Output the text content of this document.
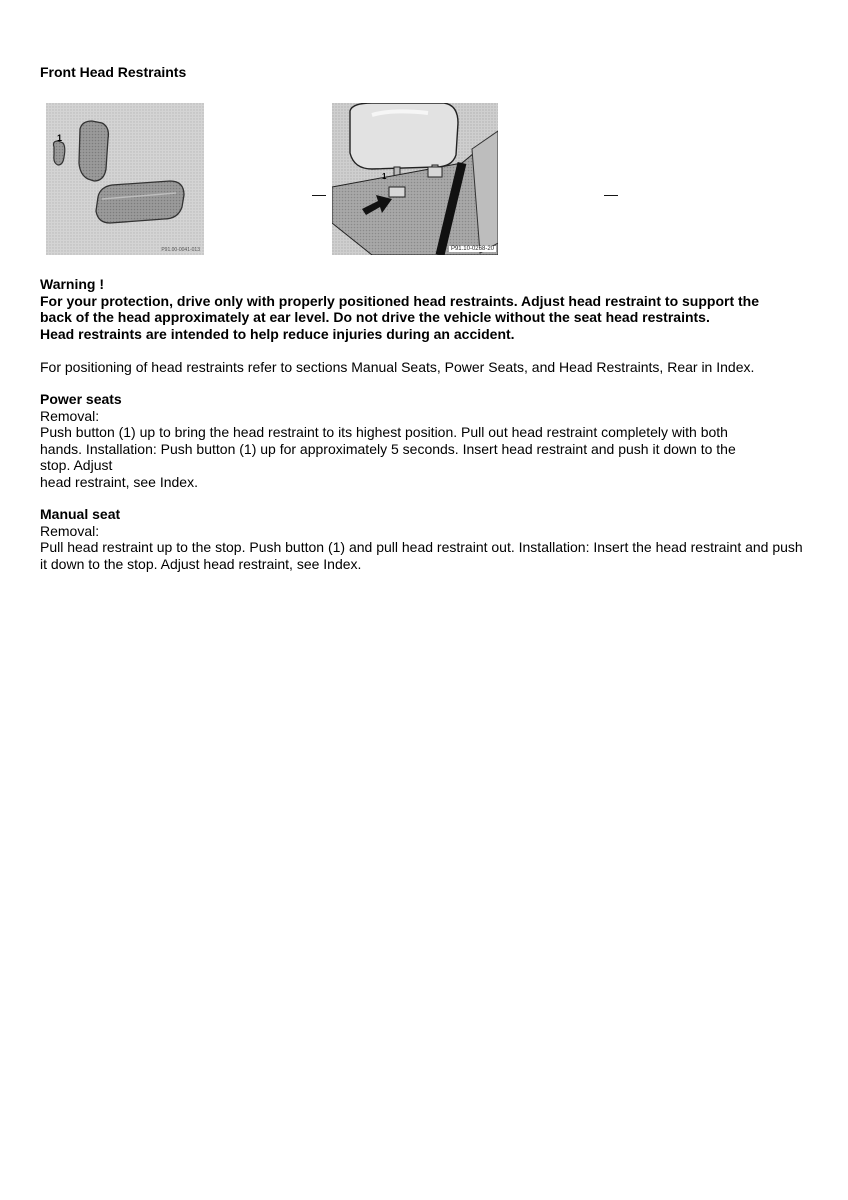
Front Head Restraints
1
P91.00-0041-013
—
1
P91.10-0268-20
—
Warning !
For your protection, drive only with properly positioned head restraints. Adjust head restraint to support the
back of the head approximately at ear level. Do not drive the vehicle without the seat head restraints.
Head restraints are intended to help reduce injuries during an accident.
For positioning of head restraints refer to sections Manual Seats, Power Seats, and Head Restraints, Rear in Index.
Power seats
Removal:
Push button (1) up to bring the head restraint to its highest position. Pull out head restraint completely with both hands. Installation: Push button (1) up for approximately 5 seconds. Insert head restraint and push it down to the stop. Adjust
head restraint, see Index.
Manual seat
Removal:
Pull head restraint up to the stop. Push button (1) and pull head restraint out. Installation: Insert the head restraint and push it down to the stop. Adjust head restraint, see Index.
